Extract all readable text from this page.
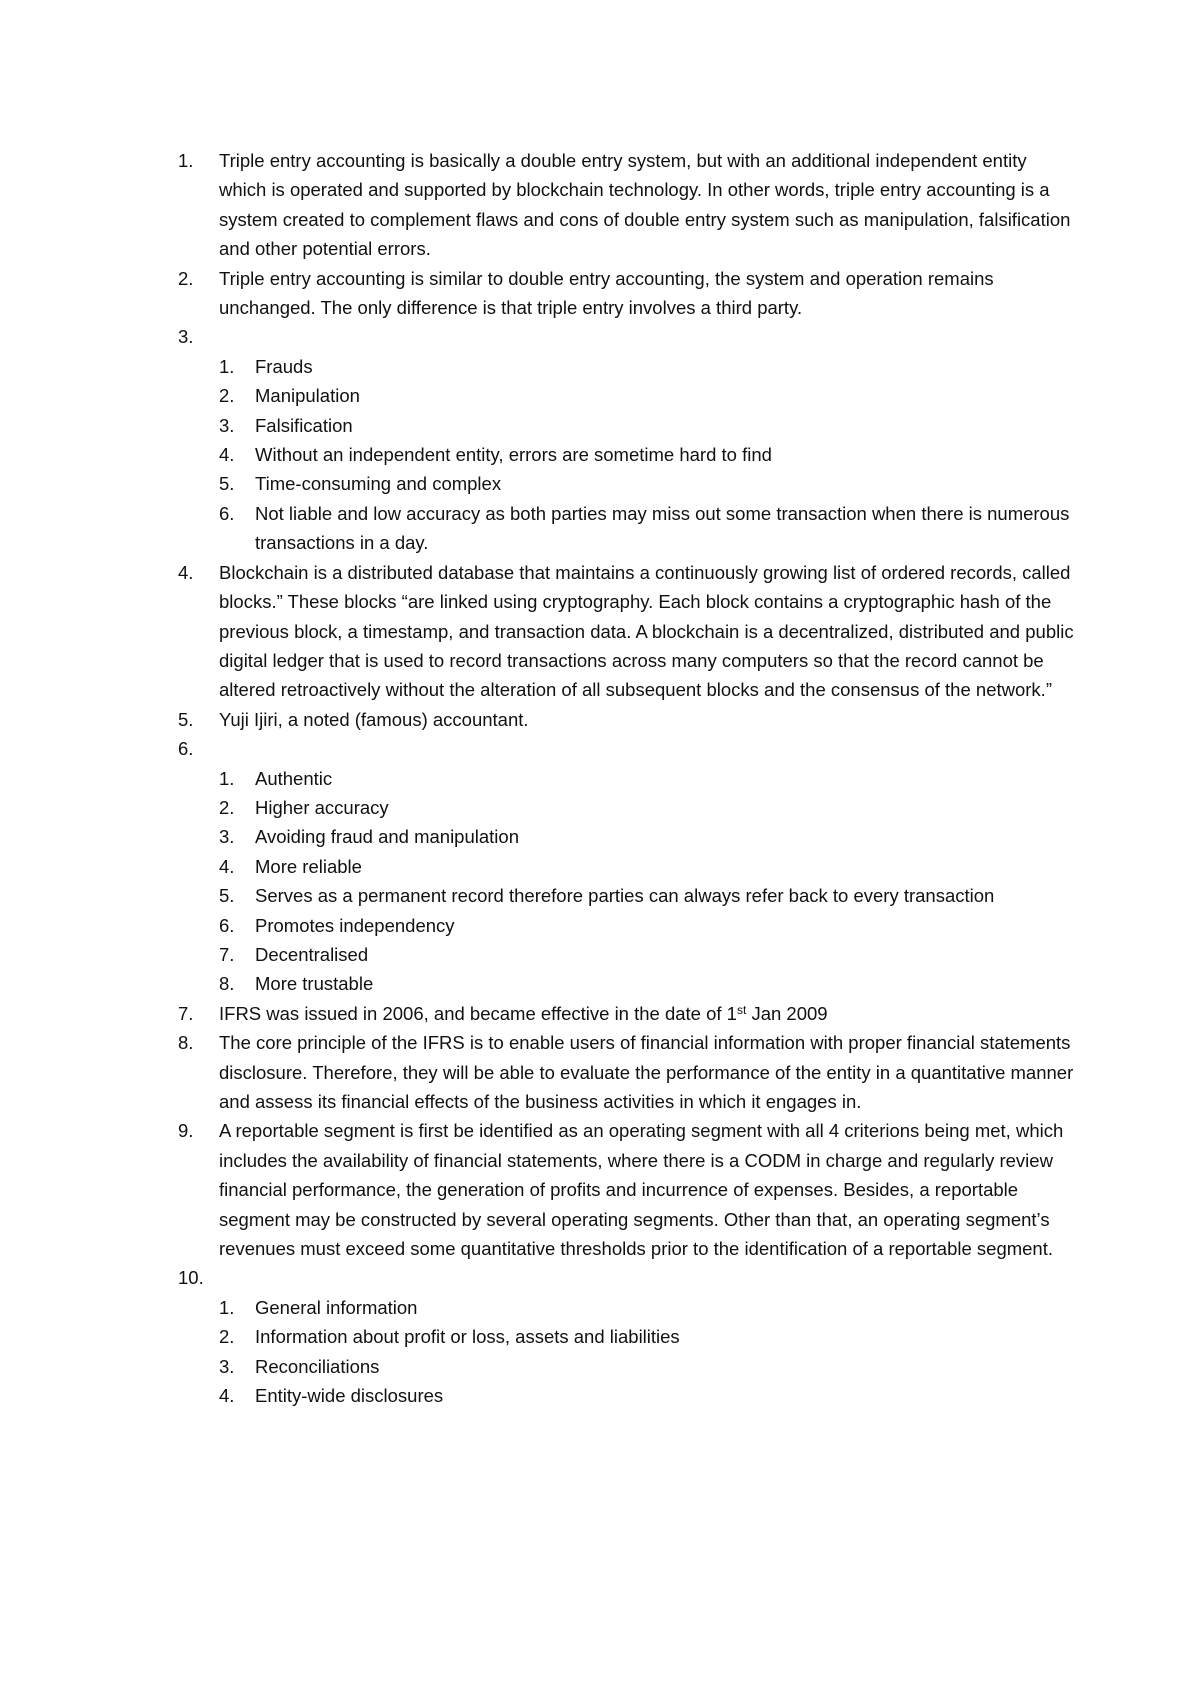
1.	Triple entry accounting is basically a double entry system, but with an additional independent entity which is operated and supported by blockchain technology. In other words, triple entry accounting is a system created to complement flaws and cons of double entry system such as manipulation, falsification and other potential errors.
2.	Triple entry accounting is similar to double entry accounting, the system and operation remains unchanged. The only difference is that triple entry involves a third party.
3.
1.	Frauds
2.	Manipulation
3.	Falsification
4.	Without an independent entity, errors are sometime hard to find
5.	Time-consuming and complex
6.	Not liable and low accuracy as both parties may miss out some transaction when there is numerous transactions in a day.
4.	Blockchain is a distributed database that maintains a continuously growing list of ordered records, called blocks.” These blocks “are linked using cryptography. Each block contains a cryptographic hash of the previous block, a timestamp, and transaction data. A blockchain is a decentralized, distributed and public digital ledger that is used to record transactions across many computers so that the record cannot be altered retroactively without the alteration of all subsequent blocks and the consensus of the network.”
5.	Yuji Ijiri, a noted (famous) accountant.
6.
1.	Authentic
2.	Higher accuracy
3.	Avoiding fraud and manipulation
4.	More reliable
5.	Serves as a permanent record therefore parties can always refer back to every transaction
6.	Promotes independency
7.	Decentralised
8.	More trustable
7.	IFRS was issued in 2006, and became effective in the date of 1st Jan 2009
8.	The core principle of the IFRS is to enable users of financial information with proper financial statements disclosure. Therefore, they will be able to evaluate the performance of the entity in a quantitative manner and assess its financial effects of the business activities in which it engages in.
9.	A reportable segment is first be identified as an operating segment with all 4 criterions being met, which includes the availability of financial statements, where there is a CODM in charge and regularly review financial performance, the generation of profits and incurrence of expenses. Besides, a reportable segment may be constructed by several operating segments. Other than that, an operating segment’s revenues must exceed some quantitative thresholds prior to the identification of a reportable segment.
10.
1.	General information
2.	Information about profit or loss, assets and liabilities
3.	Reconciliations
4.	Entity-wide disclosures
